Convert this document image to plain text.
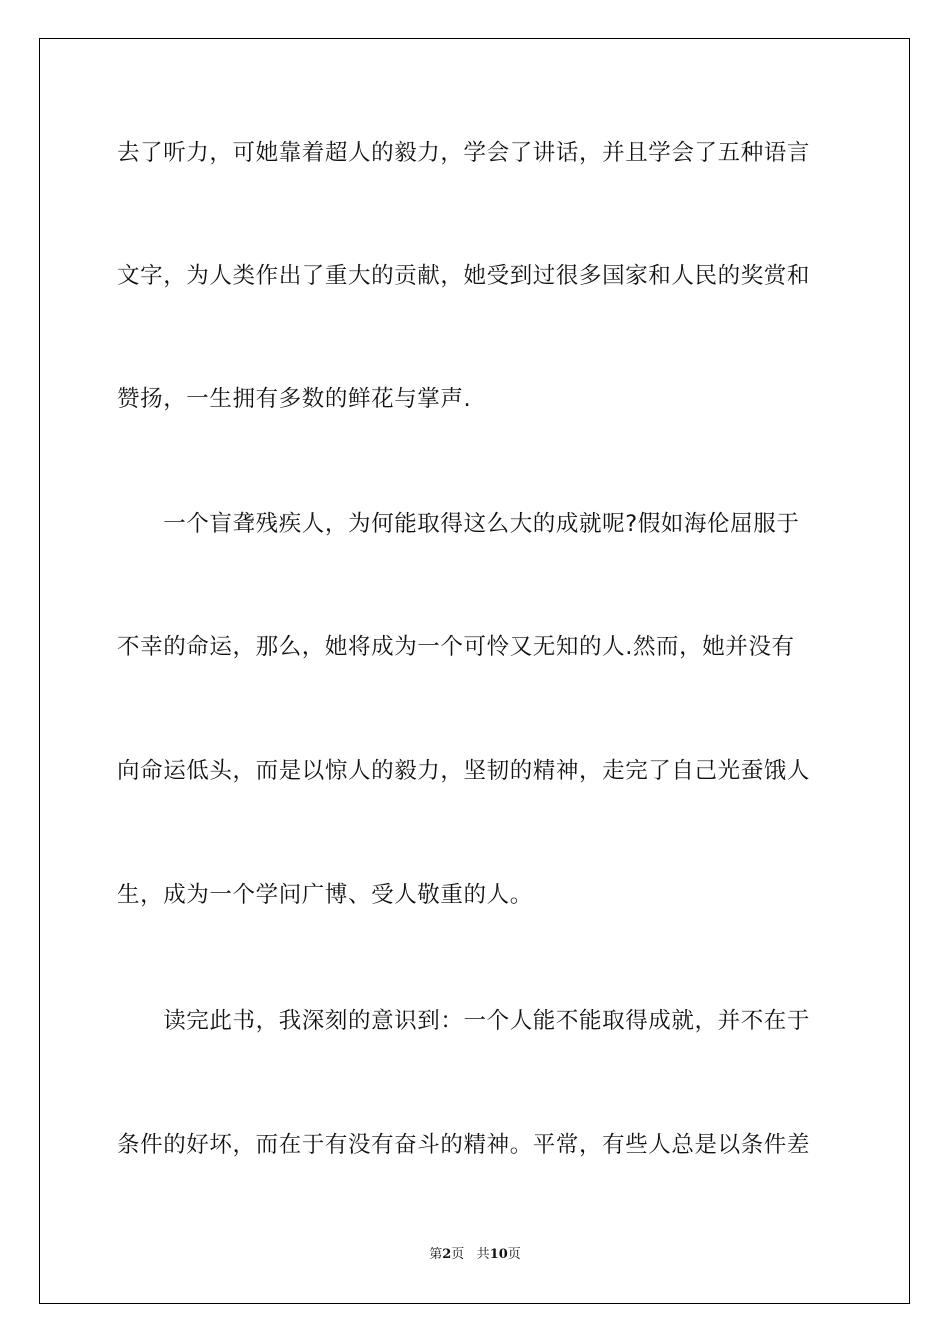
去了听力，可她靠着超人的毅力，学会了讲话，并且学会了五种语言
文字，为人类作出了重大的贡献，她受到过很多国家和人民的奖赏和
赞扬，一生拥有多数的鲜花与掌声.
　　一个盲聋残疾人，为何能取得这么大的成就呢?假如海伦屈服于
不幸的命运，那么，她将成为一个可怜又无知的人.然而，她并没有
向命运低头，而是以惊人的毅力，坚韧的精神，走完了自己光蚕饿人
生，成为一个学问广博、受人敬重的人。
　　读完此书，我深刻的意识到：一个人能不能取得成就，并不在于
条件的好坏，而在于有没有奋斗的精神。平常，有些人总是以条件差
第2页 共10页
